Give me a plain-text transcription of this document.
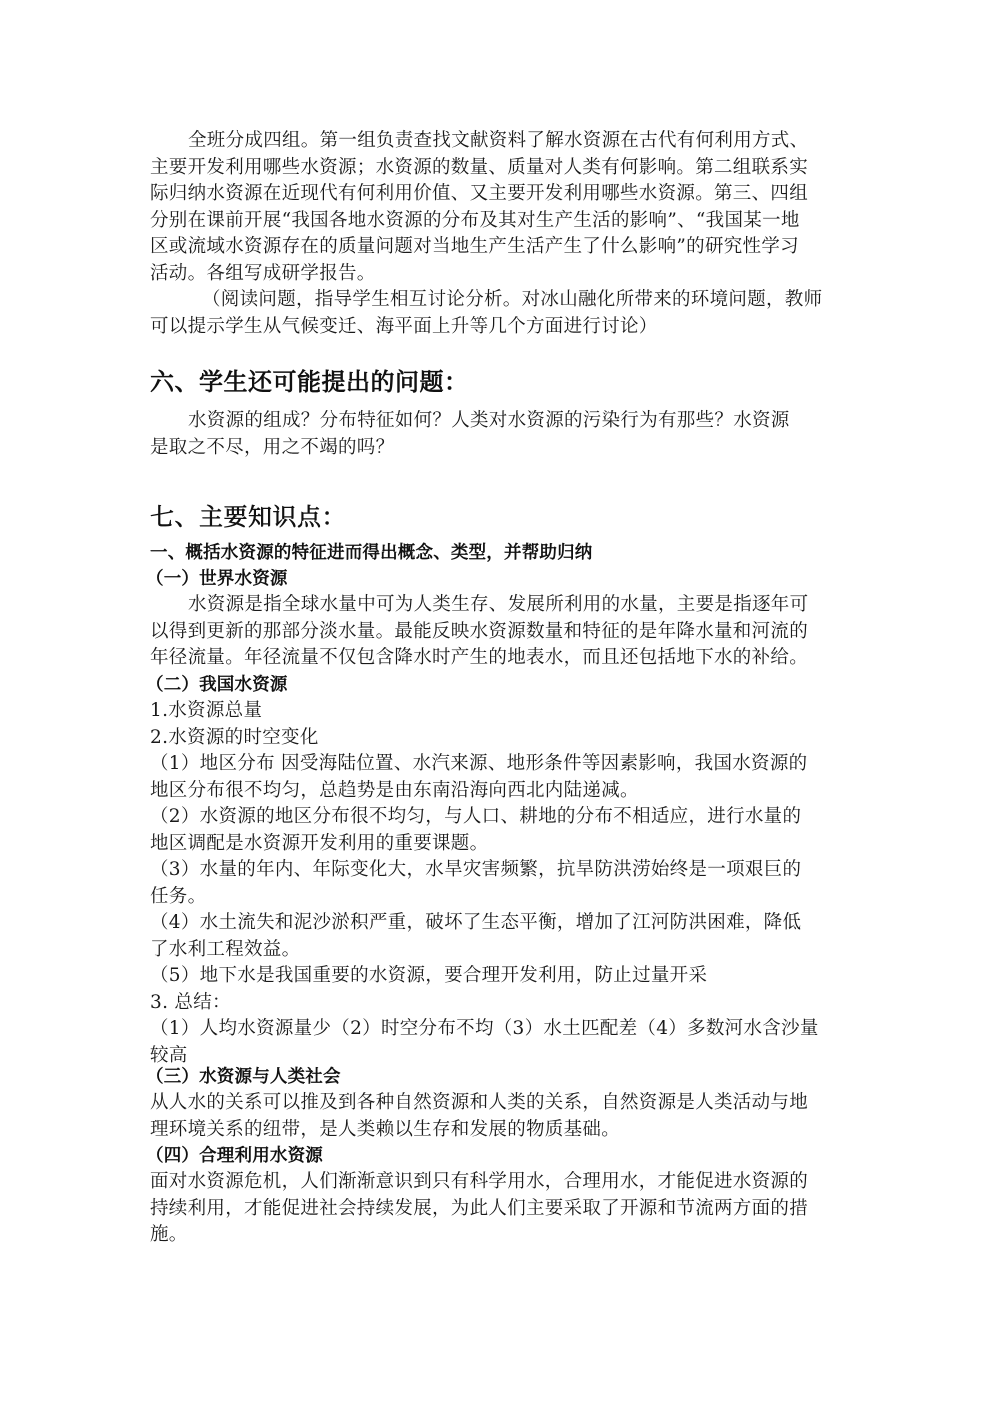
全班分成四组。第一组负责查找文献资料了解水资源在古代有何利用方式、
主要开发利用哪些水资源；水资源的数量、质量对人类有何影响。第二组联系实
际归纳水资源在近现代有何利用价值、又主要开发利用哪些水资源。第三、四组
分别在课前开展“我国各地水资源的分布及其对生产生活的影响”、“我国某一地
区或流域水资源存在的质量问题对当地生产生活产生了什么影响”的研究性学习
活动。各组写成研学报告。
（阅读问题，指导学生相互讨论分析。对冰山融化所带来的环境问题，教师
可以提示学生从气候变迁、海平面上升等几个方面进行讨论）
六、学生还可能提出的问题：
水资源的组成？分布特征如何？人类对水资源的污染行为有那些？水资源
是取之不尽，用之不竭的吗？
七、主要知识点：
一、概括水资源的特征进而得出概念、类型，并帮助归纳
（一）世界水资源
水资源是指全球水量中可为人类生存、发展所利用的水量，主要是指逐年可
以得到更新的那部分淡水量。最能反映水资源数量和特征的是年降水量和河流的
年径流量。年径流量不仅包含降水时产生的地表水，而且还包括地下水的补给。
（二）我国水资源
1.水资源总量
2.水资源的时空变化
（1）地区分布 因受海陆位置、水汽来源、地形条件等因素影响，我国水资源的
地区分布很不均匀，总趋势是由东南沿海向西北内陆递减。
（2）水资源的地区分布很不均匀，与人口、耕地的分布不相适应，进行水量的
地区调配是水资源开发利用的重要课题。
（3）水量的年内、年际变化大，水旱灾害频繁，抗旱防洪涝始终是一项艰巨的
任务。
（4）水土流失和泥沙淤积严重，破坏了生态平衡，增加了江河防洪困难，降低
了水利工程效益。
（5）地下水是我国重要的水资源，要合理开发利用，防止过量开采
3. 总结：
（1）人均水资源量少（2）时空分布不均（3）水土匹配差（4）多数河水含沙量
较高
（三）水资源与人类社会
从人水的关系可以推及到各种自然资源和人类的关系，自然资源是人类活动与地
理环境关系的纽带，是人类赖以生存和发展的物质基础。
（四）合理利用水资源
面对水资源危机，人们渐渐意识到只有科学用水，合理用水，才能促进水资源的
持续利用，才能促进社会持续发展，为此人们主要采取了开源和节流两方面的措
施。
